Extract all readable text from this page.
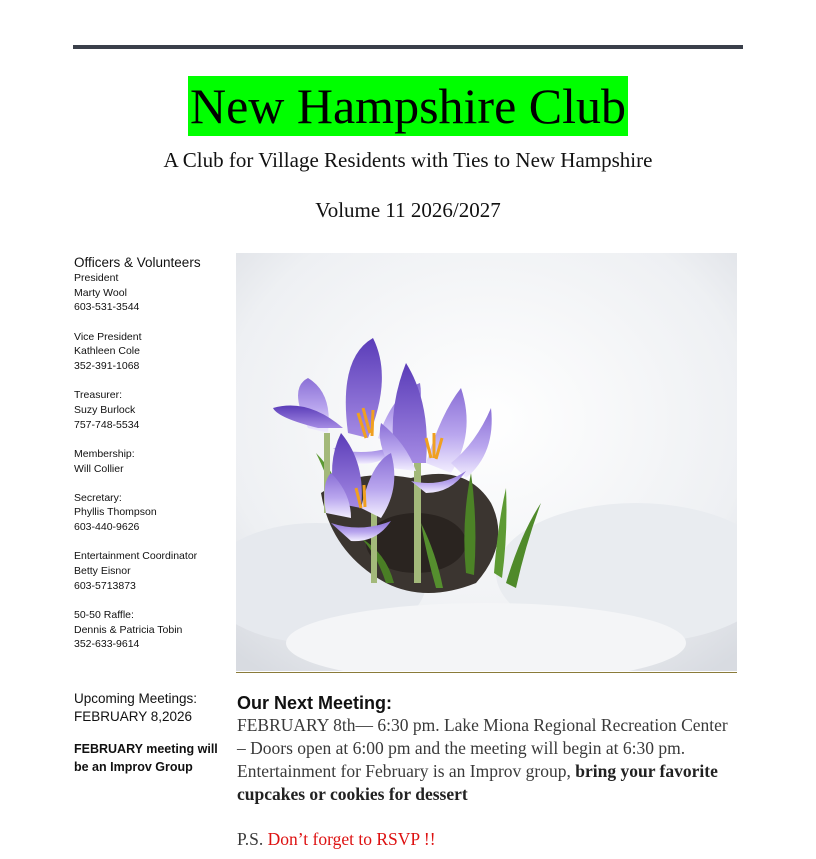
New Hampshire Club
A Club for Village Residents with Ties to New Hampshire
Volume 11 2026/2027

Officers & Volunteers

President

Marty Wool

603-531-3544

Vice President

Kathleen Cole

352-391-1068

Treasurer:

Suzy Burlock

757-748-5534

Membership:

Will Collier

Secretary:

Phyllis Thompson

603-440-9626

Entertainment Coordinator

Betty Eisnor

603-5713873

50-50 Raffle:

Dennis & Patricia Tobin

352-633-9614

Upcoming Meetings:

FEBRUARY 8,2026

FEBRUARY meeting will be an Improv Group
Our Next Meeting:
FEBRUARY 8th— 6:30 pm. Lake Miona Regional Recreation Center – Doors open at 6:00 pm and the meeting will begin at 6:30 pm. Entertainment for February is an Improv group, bring your favorite cupcakes or cookies for dessert
P.S. Don’t forget to RSVP !!
